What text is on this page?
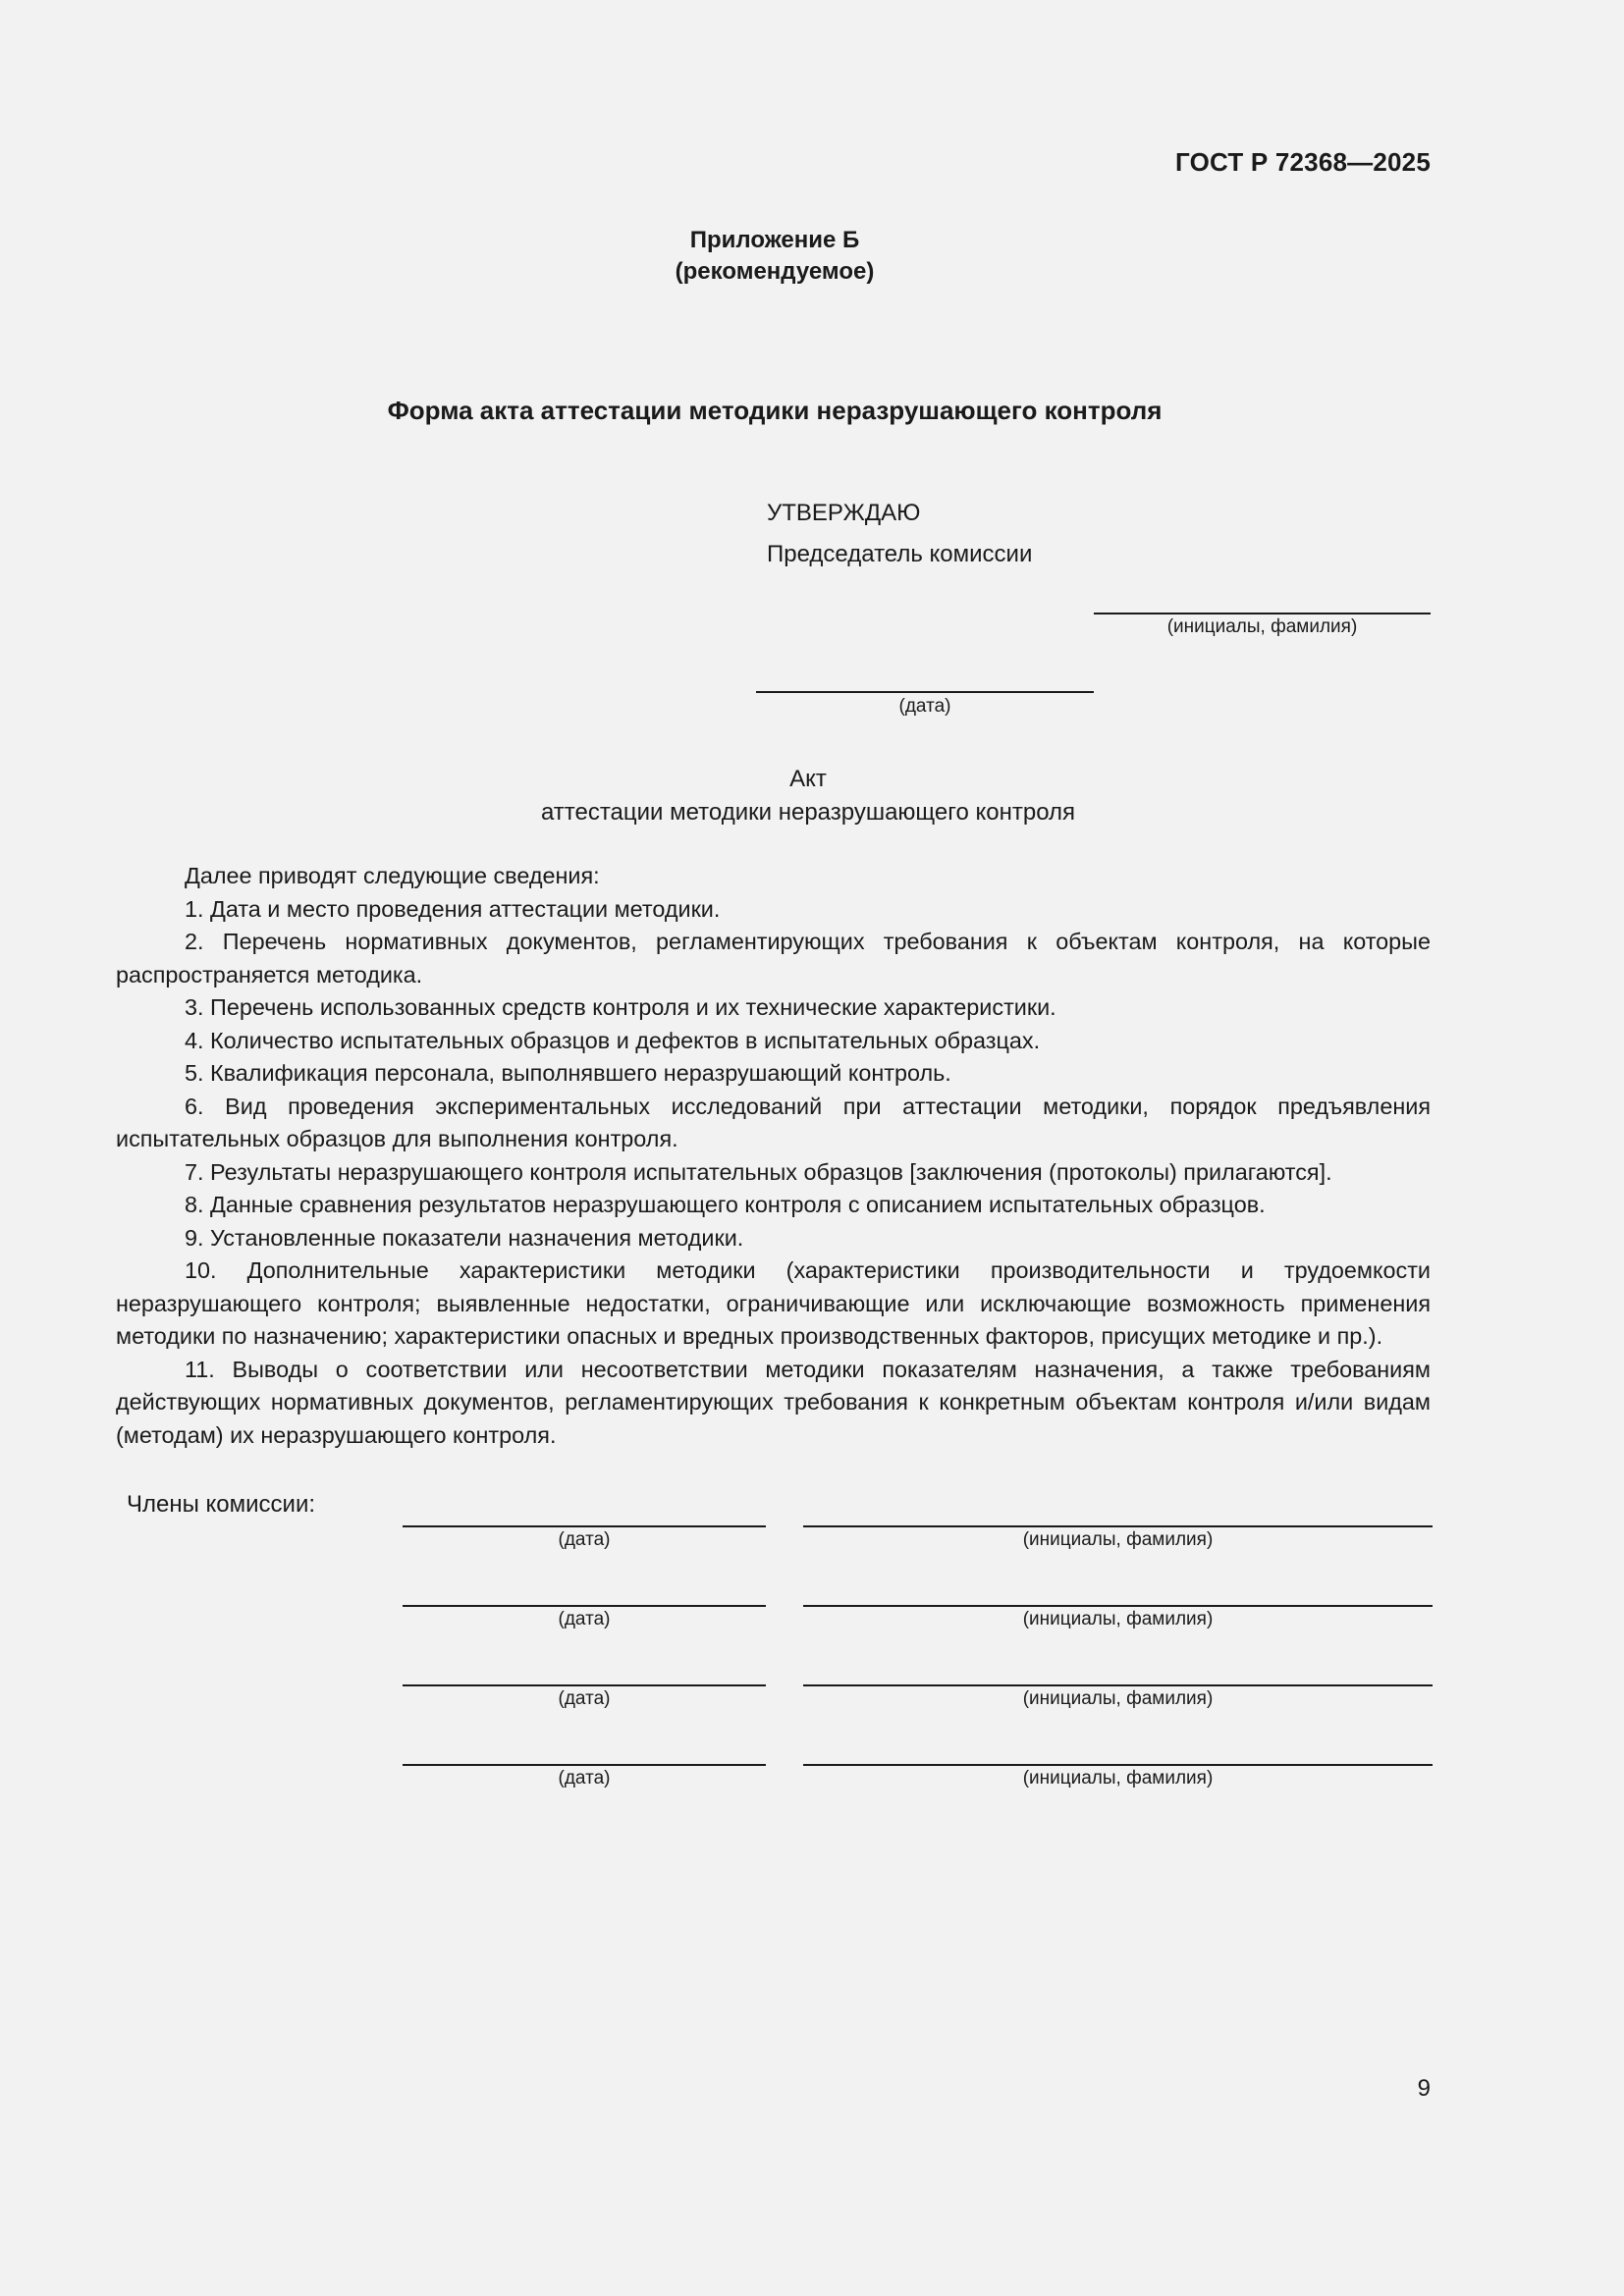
ГОСТ Р 72368—2025
Приложение Б
(рекомендуемое)
Форма акта аттестации методики неразрушающего контроля
УТВЕРЖДАЮ
Председатель комиссии
(инициалы, фамилия)
(дата)
Акт
аттестации методики неразрушающего контроля

Далее приводят следующие сведения:

1. Дата и место проведения аттестации методики.

2. Перечень нормативных документов, регламентирующих требования к объектам контроля, на которые распространяется методика.

3. Перечень использованных средств контроля и их технические характеристики.

4. Количество испытательных образцов и дефектов в испытательных образцах.

5. Квалификация персонала, выполнявшего неразрушающий контроль.

6. Вид проведения экспериментальных исследований при аттестации методики, порядок предъявления испытательных образцов для выполнения контроля.

7. Результаты неразрушающего контроля испытательных образцов [заключения (протоколы) прилагаются].

8. Данные сравнения результатов неразрушающего контроля с описанием испытательных образцов.

9. Установленные показатели назначения методики.

10. Дополнительные характеристики методики (характеристики производительности и трудоемкости неразрушающего контроля; выявленные недостатки, ограничивающие или исключающие возможность применения методики по назначению; характеристики опасных и вредных производственных факторов, присущих методике и пр.).

11. Выводы о соответствии или несоответствии методики показателям назначения, а также требованиям действующих нормативных документов, регламентирующих требования к конкретным объектам контроля и/или видам (методам) их неразрушающего контроля.

Члены комиссии:
(дата)	(инициалы, фамилия)
(дата)	(инициалы, фамилия)
(дата)	(инициалы, фамилия)
(дата)	(инициалы, фамилия)
9
